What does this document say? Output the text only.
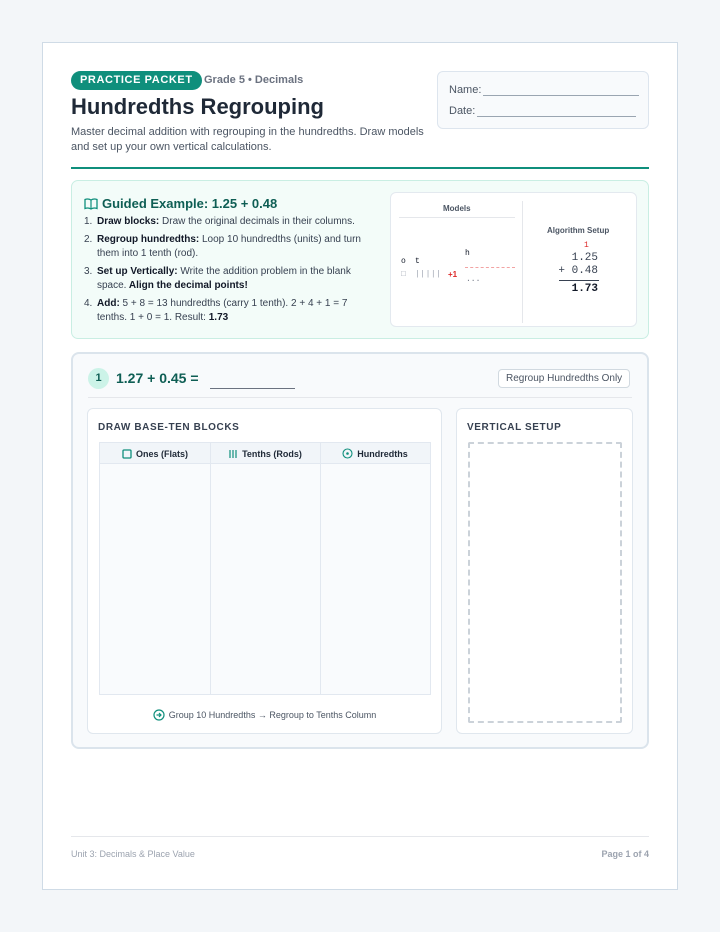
PRACTICE PACKET	Grade 5 • Decimals
Hundredths Regrouping
Master decimal addition with regrouping in the hundredths. Draw models and set up your own vertical calculations.
Name:
Date:
Guided Example: 1.25 + 0.48
1. Draw blocks: Draw the original decimals in their columns.
2. Regroup hundredths: Loop 10 hundredths (units) and turn them into 1 tenth (rod).
3. Set up Vertically: Write the addition problem in the blank space. Align the decimal points!
4. Add: 5 + 8 = 13 hundredths (carry 1 tenth). 2 + 4 + 1 = 7 tenths. 1 + 0 = 1. Result: 1.73
Models
h
o t
□ ||||| +1
...
Algorithm Setup
1
1.25
+ 0.48
1.73
1	1.27 + 0.45 =	Regroup Hundredths Only
DRAW BASE-TEN BLOCKS
Ones (Flats)	Tenths (Rods)	Hundredths
Group 10 Hundredths → Regroup to Tenths Column
VERTICAL SETUP
Unit 3: Decimals & Place Value	Page 1 of 4
